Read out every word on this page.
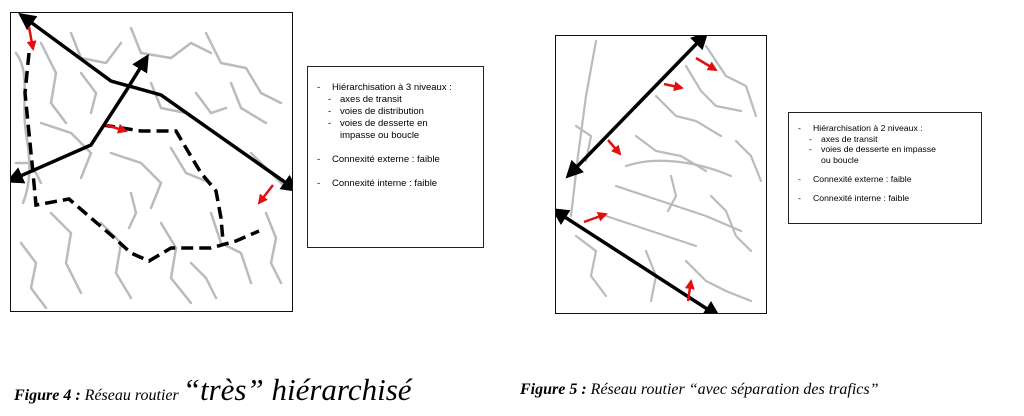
- Hiérarchisation à 3 niveaux :
- axes de transit
- voies de distribution
- voies de desserte en
impasse ou boucle
- Connexité externe : faible
- Connexité interne : faible
- Hiérarchisation à 2 niveaux :
- axes de transit
- voies de desserte en impasse
ou boucle
- Connexité externe : faible
- Connexité interne : faible
Figure 4 : Réseau routier “très” hiérarchisé	Figure 5 : Réseau routier “avec séparation des trafics”
